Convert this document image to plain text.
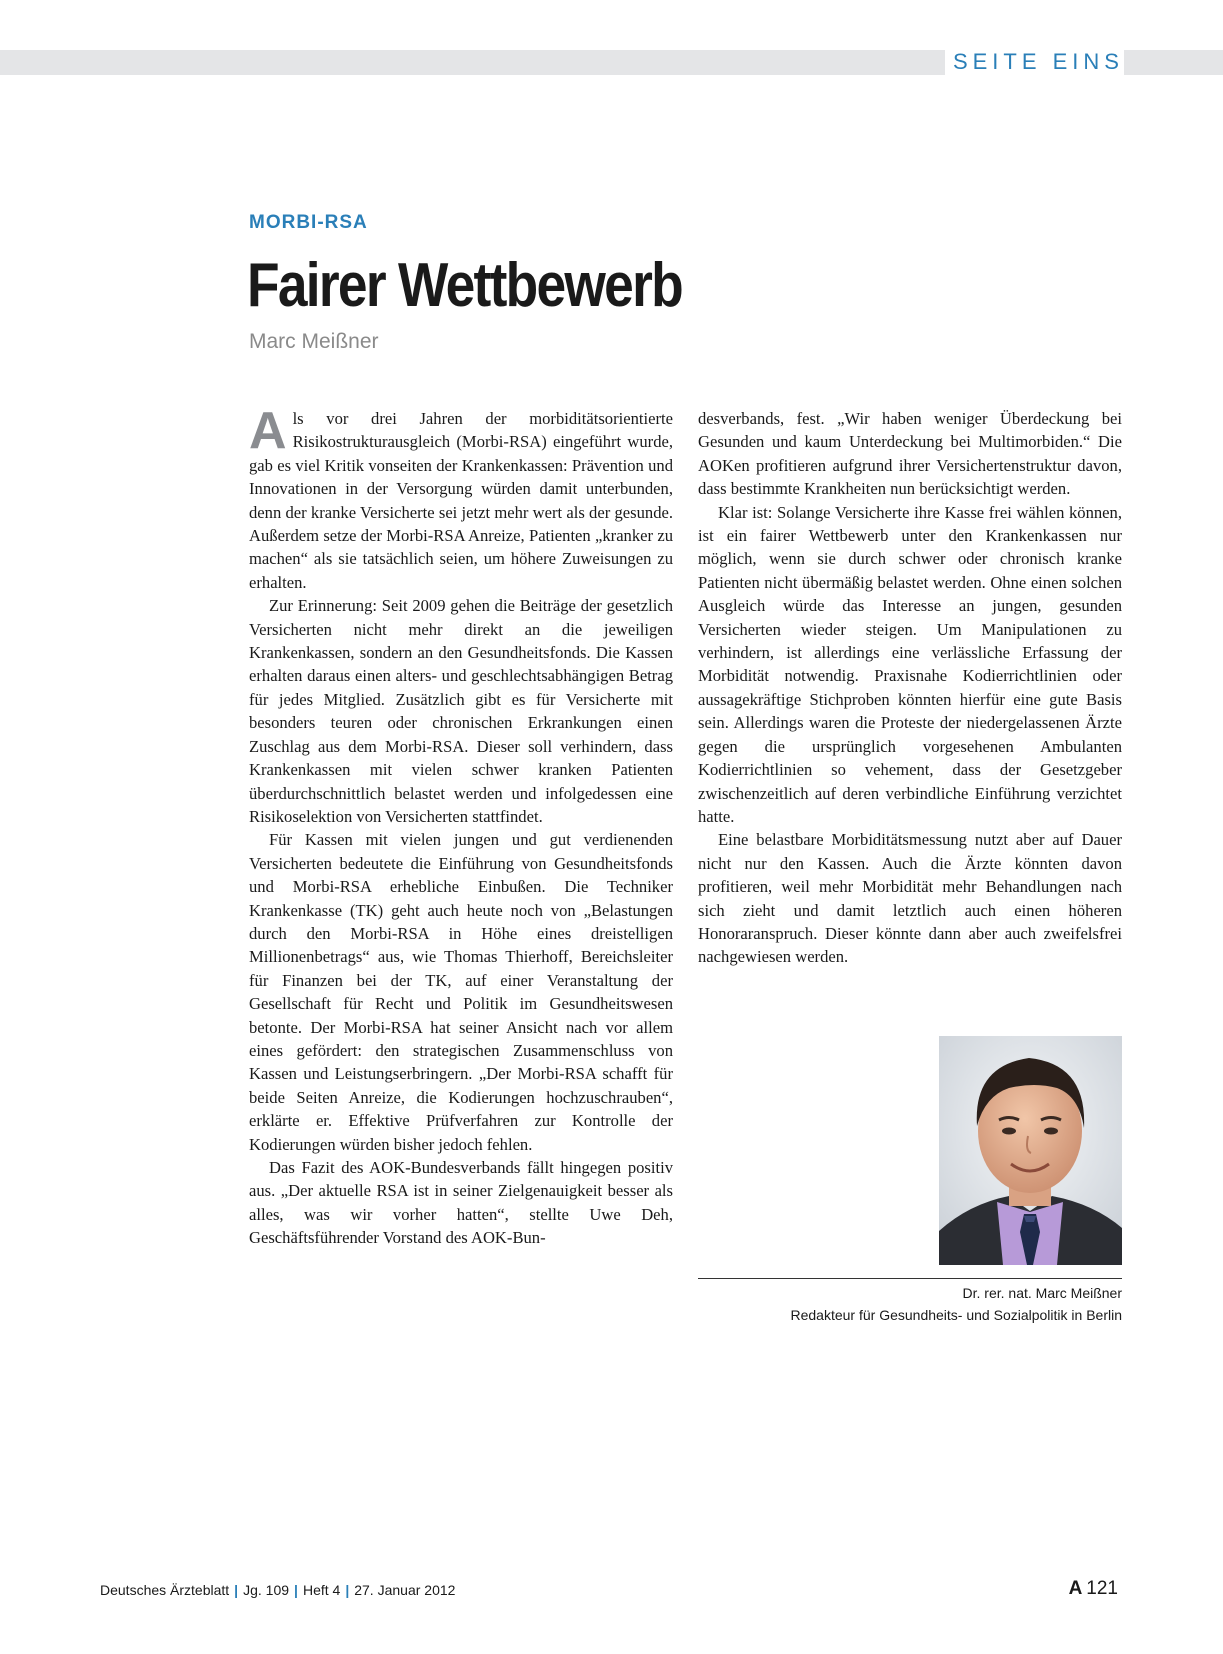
SEITE EINS
MORBI-RSA
Fairer Wettbewerb
Marc Meißner

Als vor drei Jahren der morbiditätsorientierte Risikostrukturausgleich (Morbi-RSA) eingeführt wurde, gab es viel Kritik vonseiten der Krankenkassen: Prävention und Innovationen in der Versorgung würden damit unterbunden, denn der kranke Versicherte sei jetzt mehr wert als der gesunde. Außerdem setze der Morbi-RSA Anreize, Patienten „kranker zu machen“ als sie tatsächlich seien, um höhere Zuweisungen zu erhalten.

Zur Erinnerung: Seit 2009 gehen die Beiträge der gesetzlich Versicherten nicht mehr direkt an die jeweiligen Krankenkassen, sondern an den Gesundheitsfonds. Die Kassen erhalten daraus einen alters- und geschlechtsabhängigen Betrag für jedes Mitglied. Zusätzlich gibt es für Versicherte mit besonders teuren oder chronischen Erkrankungen einen Zuschlag aus dem Morbi-RSA. Dieser soll verhindern, dass Krankenkassen mit vielen schwer kranken Patienten überdurchschnittlich belastet werden und infolgedessen eine Risikoselektion von Versicherten stattfindet.

Für Kassen mit vielen jungen und gut verdienenden Versicherten bedeutete die Einführung von Gesundheitsfonds und Morbi-RSA erhebliche Einbußen. Die Techniker Krankenkasse (TK) geht auch heute noch von „Belastungen durch den Morbi-RSA in Höhe eines dreistelligen Millionenbetrags“ aus, wie Thomas Thierhoff, Bereichsleiter für Finanzen bei der TK, auf einer Veranstaltung der Gesellschaft für Recht und Politik im Gesundheitswesen betonte. Der Morbi-RSA hat seiner Ansicht nach vor allem eines gefördert: den strategischen Zusammenschluss von Kassen und Leistungserbringern. „Der Morbi-RSA schafft für beide Seiten Anreize, die Kodierungen hochzuschrauben“, erklärte er. Effektive Prüfverfahren zur Kontrolle der Kodierungen würden bisher jedoch fehlen.

Das Fazit des AOK-Bundesverbands fällt hingegen positiv aus. „Der aktuelle RSA ist in seiner Zielgenauigkeit besser als alles, was wir vorher hatten“, stellte Uwe Deh, Geschäftsführender Vorstand des AOK-Bun-

desverbands, fest. „Wir haben weniger Überdeckung bei Gesunden und kaum Unterdeckung bei Multimorbiden.“ Die AOKen profitieren aufgrund ihrer Versichertenstruktur davon, dass bestimmte Krankheiten nun berücksichtigt werden.

Klar ist: Solange Versicherte ihre Kasse frei wählen können, ist ein fairer Wettbewerb unter den Krankenkassen nur möglich, wenn sie durch schwer oder chronisch kranke Patienten nicht übermäßig belastet werden. Ohne einen solchen Ausgleich würde das Interesse an jungen, gesunden Versicherten wieder steigen. Um Manipulationen zu verhindern, ist allerdings eine verlässliche Erfassung der Morbidität notwendig. Praxisnahe Kodierrichtlinien oder aussagekräftige Stichproben könnten hierfür eine gute Basis sein. Allerdings waren die Proteste der niedergelassenen Ärzte gegen die ursprünglich vorgesehenen Ambulanten Kodierrichtlinien so vehement, dass der Gesetzgeber zwischenzeitlich auf deren verbindliche Einführung verzichtet hatte.

Eine belastbare Morbiditätsmessung nutzt aber auf Dauer nicht nur den Kassen. Auch die Ärzte könnten davon profitieren, weil mehr Morbidität mehr Behandlungen nach sich zieht und damit letztlich auch einen höheren Honoraranspruch. Dieser könnte dann aber auch zweifelsfrei nachgewiesen werden.

Dr. rer. nat. Marc Meißner
Redakteur für Gesundheits- und Sozialpolitik in Berlin
Deutsches Ärzteblatt | Jg. 109 | Heft 4 | 27. Januar 2012	A 121
